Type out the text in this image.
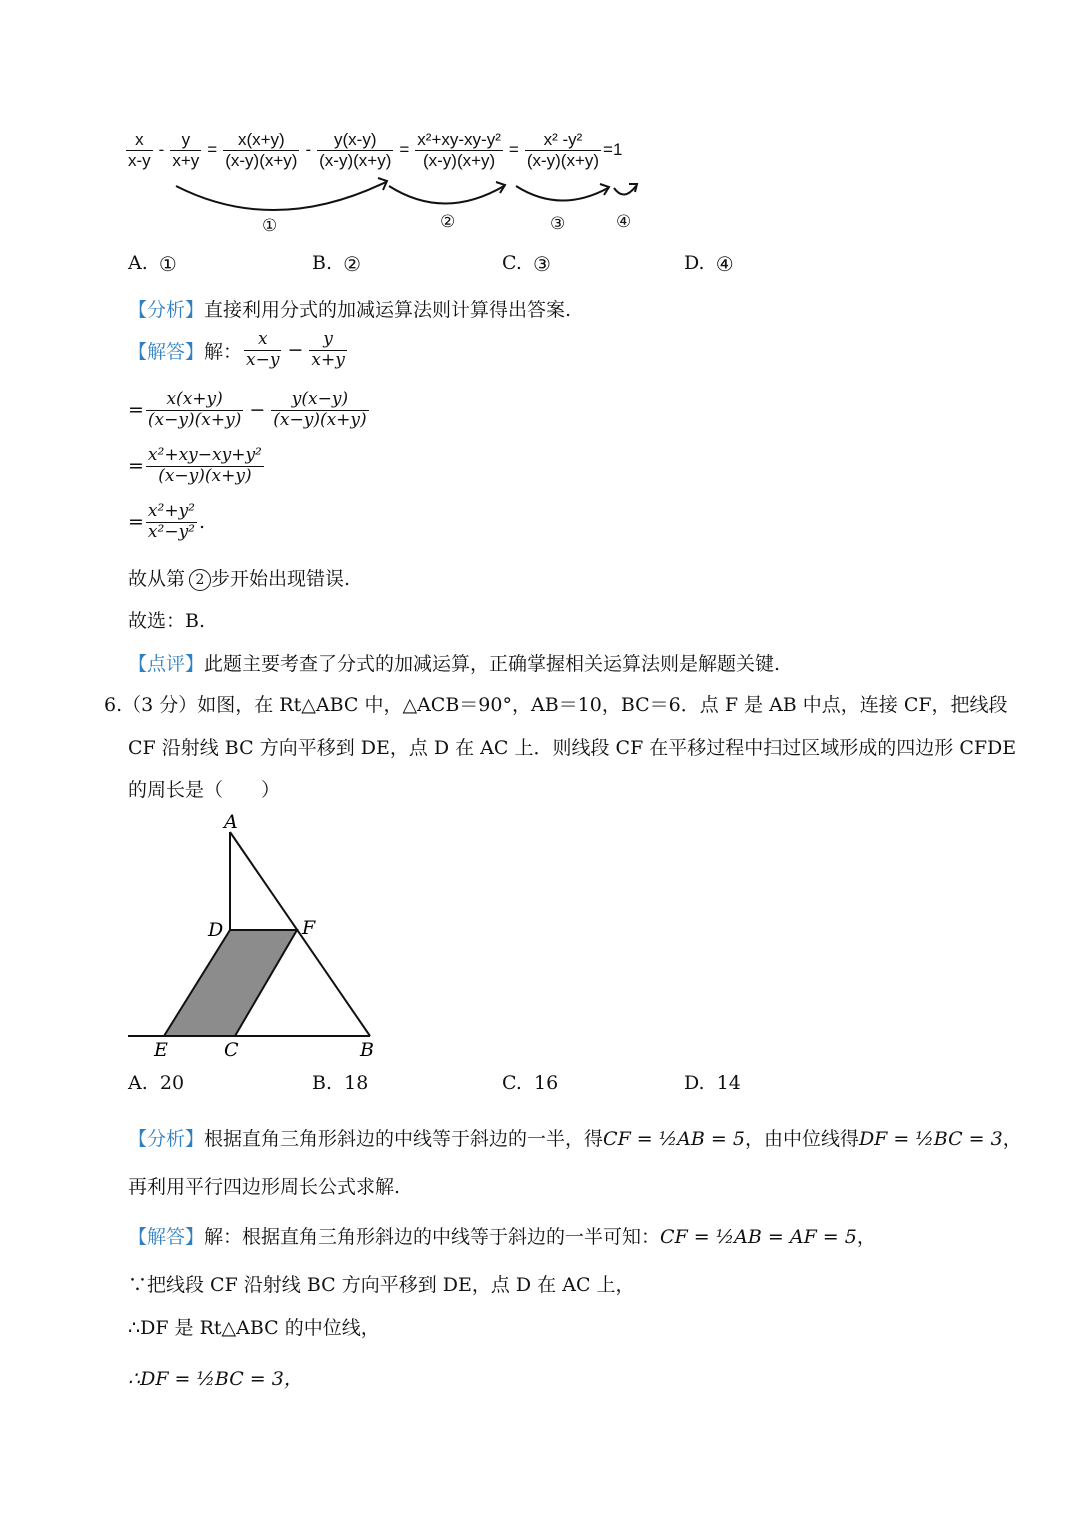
$\frac{x}{x-y} - \frac{y}{x+y} = \frac{x(x+y)}{(x-y)(x+y)} - \frac{y(x-y)}{(x-y)(x+y)} = \frac{\text{x²+xy-xy-y²}}{(x-y)(x+y)} = \frac{\text{x² -y²}}{(x-y)(x+y)} =1$
①	②	③	④
A. ①	B. ②	C. ③	D. ④
【分析】直接利用分式的加减运算法则计算得出答案.
【解答】 解： $\frac{x}{x-y} - \frac{y}{x+y}$
= $\frac{x(x+y)}{(x-y)(x+y)} - \frac{y(x-y)}{(x-y)(x+y)}$
= $\frac{\text{x²+xy−xy+y²}}{(x-y)(x+y)}$
= $\frac{\text{x²+y²}}{\text{x²−y²}}$ .
故从第 2 步开始出现错误.
故选：B.
【点评】此题主要考查了分式的加减运算，正确掌握相关运算法则是解题关键.
6.（3 分）如图，在 Rt△ABC 中，△ACB＝90°，AB＝10，BC＝6．点 F 是 AB 中点，连接 CF，把线段
CF 沿射线 BC 方向平移到 DE，点 D 在 AC 上．则线段 CF 在平移过程中扫过区域形成的四边形 CFDE
的周长是（　　）
A
D	F
E	C	B
A. 20	B. 18	C. 16	D. 14
【分析】根据直角三角形斜边的中线等于斜边的一半，得CF = ½AB = 5，由中位线得DF = ½BC = 3，
再利用平行四边形周长公式求解.
【解答】解：根据直角三角形斜边的中线等于斜边的一半可知：CF = ½AB = AF = 5，
∵把线段 CF 沿射线 BC 方向平移到 DE，点 D 在 AC 上，
∴DF 是 Rt△ABC 的中位线，
∴DF = ½BC = 3，
